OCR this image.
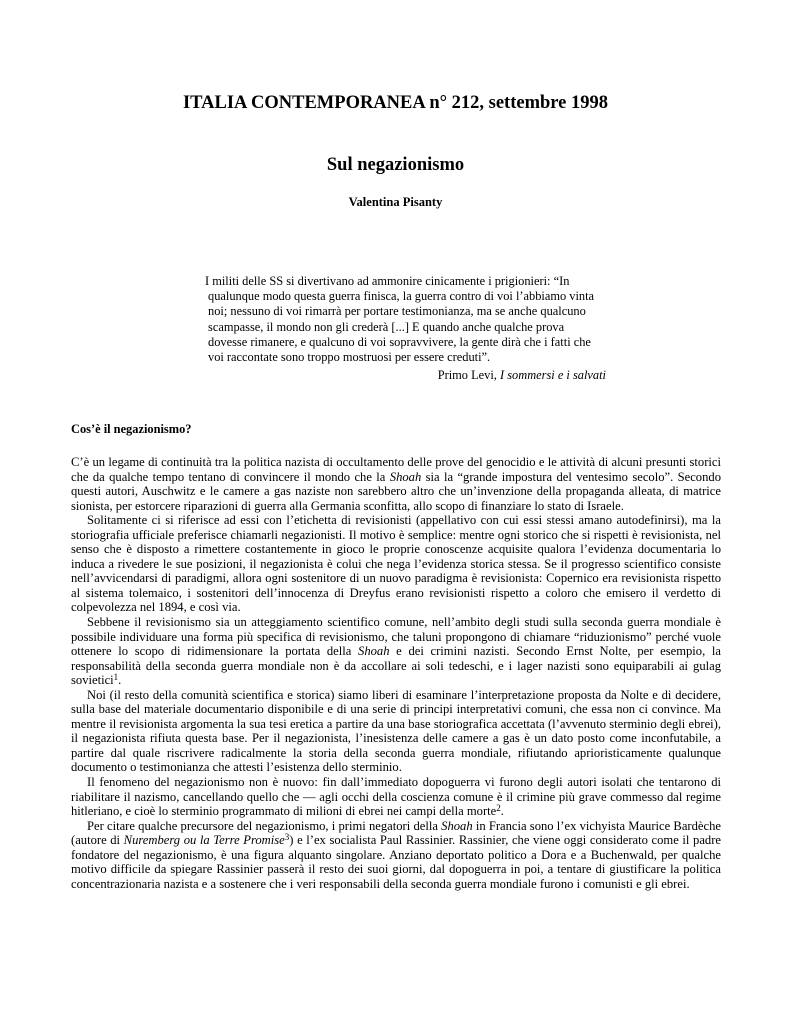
ITALIA CONTEMPORANEA n° 212, settembre 1998
Sul negazionismo
Valentina Pisanty
I militi delle SS si divertivano ad ammonire cinicamente i prigionieri: “In
qualunque modo questa guerra finisca, la guerra contro di voi l’abbiamo vinta
noi; nessuno di voi rimarrà per portare testimonianza, ma se anche qualcuno
scampasse, il mondo non gli crederà [...] E quando anche qualche prova
dovesse rimanere, e qualcuno di voi sopravvivere, la gente dirà che i fatti che
voi raccontate sono troppo mostruosi per essere creduti”.
Primo Levi, I sommersi e i salvati
Cos’è il negazionismo?

C’è un legame di continuità tra la politica nazista di occultamento delle prove del genocidio e le attività di alcuni presunti storici che da qualche tempo tentano di convincere il mondo che la Shoah sia la “grande impostura del ventesimo secolo”. Secondo questi autori, Auschwitz e le camere a gas naziste non sarebbero altro che un’invenzione della propaganda alleata, di matrice sionista, per estorcere riparazioni di guerra alla Germania sconfitta, allo scopo di finanziare lo stato di Israele.

Solitamente ci si riferisce ad essi con l’etichetta di revisionisti (appellativo con cui essi stessi amano autodefinirsi), ma la storiografia ufficiale preferisce chiamarli negazionisti. Il motivo è semplice: mentre ogni storico che si rispetti è revisionista, nel senso che è disposto a rimettere costantemente in gioco le proprie conoscenze acquisite qualora l’evidenza documentaria lo induca a rivedere le sue posizioni, il negazionista è colui che nega l’evidenza storica stessa. Se il progresso scientifico consiste nell’avvicendarsi di paradigmi, allora ogni sostenitore di un nuovo paradigma è revisionista: Copernico era revisionista rispetto al sistema tolemaico, i sostenitori dell’innocenza di Dreyfus erano revisionisti rispetto a coloro che emisero il verdetto di colpevolezza nel 1894, e così via.

Sebbene il revisionismo sia un atteggiamento scientifico comune, nell’ambito degli studi sulla seconda guerra mondiale è possibile individuare una forma più specifica di revisionismo, che taluni propongono di chiamare “riduzionismo” perché vuole ottenere lo scopo di ridimensionare la portata della Shoah e dei crimini nazisti. Secondo Ernst Nolte, per esempio, la responsabilità della seconda guerra mondiale non è da accollare ai soli tedeschi, e i lager nazisti sono equiparabili ai gulag sovietici$^1$.

Noi (il resto della comunità scientifica e storica) siamo liberi di esaminare l’interpretazione proposta da Nolte e di decidere, sulla base del materiale documentario disponibile e di una serie di principi interpretativi comuni, che essa non ci convince. Ma mentre il revisionista argomenta la sua tesi eretica a partire da una base storiografica accettata (l’avvenuto sterminio degli ebrei), il negazionista rifiuta questa base. Per il negazionista, l’inesistenza delle camere a gas è un dato posto come inconfutabile, a partire dal quale riscrivere radicalmente la storia della seconda guerra mondiale, rifiutando aprioristicamente qualunque documento o testimonianza che attesti l’esistenza dello sterminio.

Il fenomeno del negazionismo non è nuovo: fin dall’immediato dopoguerra vi furono degli autori isolati che tentarono di riabilitare il nazismo, cancellando quello che — agli occhi della coscienza comune è il crimine più grave commesso dal regime hitleriano, e cioè lo sterminio programmato di milioni di ebrei nei campi della morte$^2$.

Per citare qualche precursore del negazionismo, i primi negatori della Shoah in Francia sono l’ex vichyista Maurice Bardèche (autore di Nuremberg ou la Terre Promise$^3$) e l’ex socialista Paul Rassinier. Rassinier, che viene oggi considerato come il padre fondatore del negazionismo, è una figura alquanto singolare. Anziano deportato politico a Dora e a Buchenwald, per qualche motivo difficile da spiegare Rassinier passerà il resto dei suoi giorni, dal dopoguerra in poi, a tentare di giustificare la politica concentrazionaria nazista e a sostenere che i veri responsabili della seconda guerra mondiale furono i comunisti e gli ebrei.
